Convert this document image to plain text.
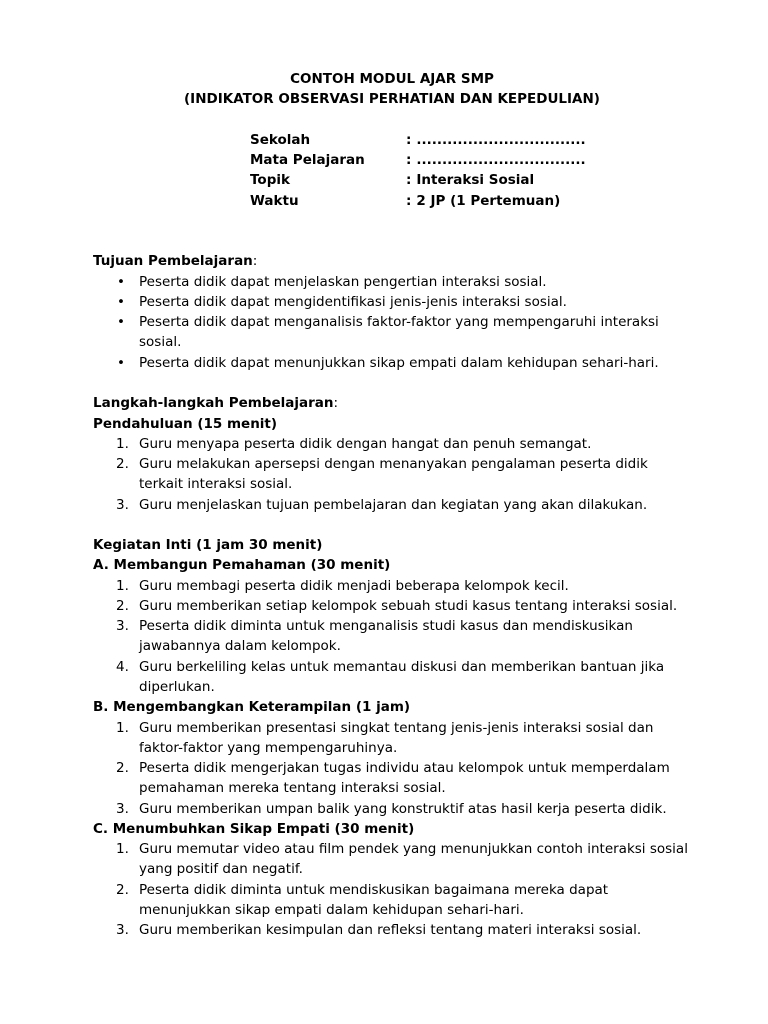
CONTOH MODUL AJAR SMP
(INDIKATOR OBSERVASI PERHATIAN DAN KEPEDULIAN)
Sekolah	: .................................
Mata Pelajaran	: .................................
Topik	: Interaksi Sosial
Waktu	: 2 JP (1 Pertemuan)
Tujuan Pembelajaran:
• Peserta didik dapat menjelaskan pengertian interaksi sosial.
• Peserta didik dapat mengidentifikasi jenis-jenis interaksi sosial.
• Peserta didik dapat menganalisis faktor-faktor yang mempengaruhi interaksi
sosial.
• Peserta didik dapat menunjukkan sikap empati dalam kehidupan sehari-hari.
Langkah-langkah Pembelajaran:
Pendahuluan (15 menit)
1. Guru menyapa peserta didik dengan hangat dan penuh semangat.
2. Guru melakukan apersepsi dengan menanyakan pengalaman peserta didik
terkait interaksi sosial.
3. Guru menjelaskan tujuan pembelajaran dan kegiatan yang akan dilakukan.
Kegiatan Inti (1 jam 30 menit)
A. Membangun Pemahaman (30 menit)
1. Guru membagi peserta didik menjadi beberapa kelompok kecil.
2. Guru memberikan setiap kelompok sebuah studi kasus tentang interaksi sosial.
3. Peserta didik diminta untuk menganalisis studi kasus dan mendiskusikan
jawabannya dalam kelompok.
4. Guru berkeliling kelas untuk memantau diskusi dan memberikan bantuan jika
diperlukan.
B. Mengembangkan Keterampilan (1 jam)
1. Guru memberikan presentasi singkat tentang jenis-jenis interaksi sosial dan
faktor-faktor yang mempengaruhinya.
2. Peserta didik mengerjakan tugas individu atau kelompok untuk memperdalam
pemahaman mereka tentang interaksi sosial.
3. Guru memberikan umpan balik yang konstruktif atas hasil kerja peserta didik.
C. Menumbuhkan Sikap Empati (30 menit)
1. Guru memutar video atau film pendek yang menunjukkan contoh interaksi sosial
yang positif dan negatif.
2. Peserta didik diminta untuk mendiskusikan bagaimana mereka dapat
menunjukkan sikap empati dalam kehidupan sehari-hari.
3. Guru memberikan kesimpulan dan refleksi tentang materi interaksi sosial.
